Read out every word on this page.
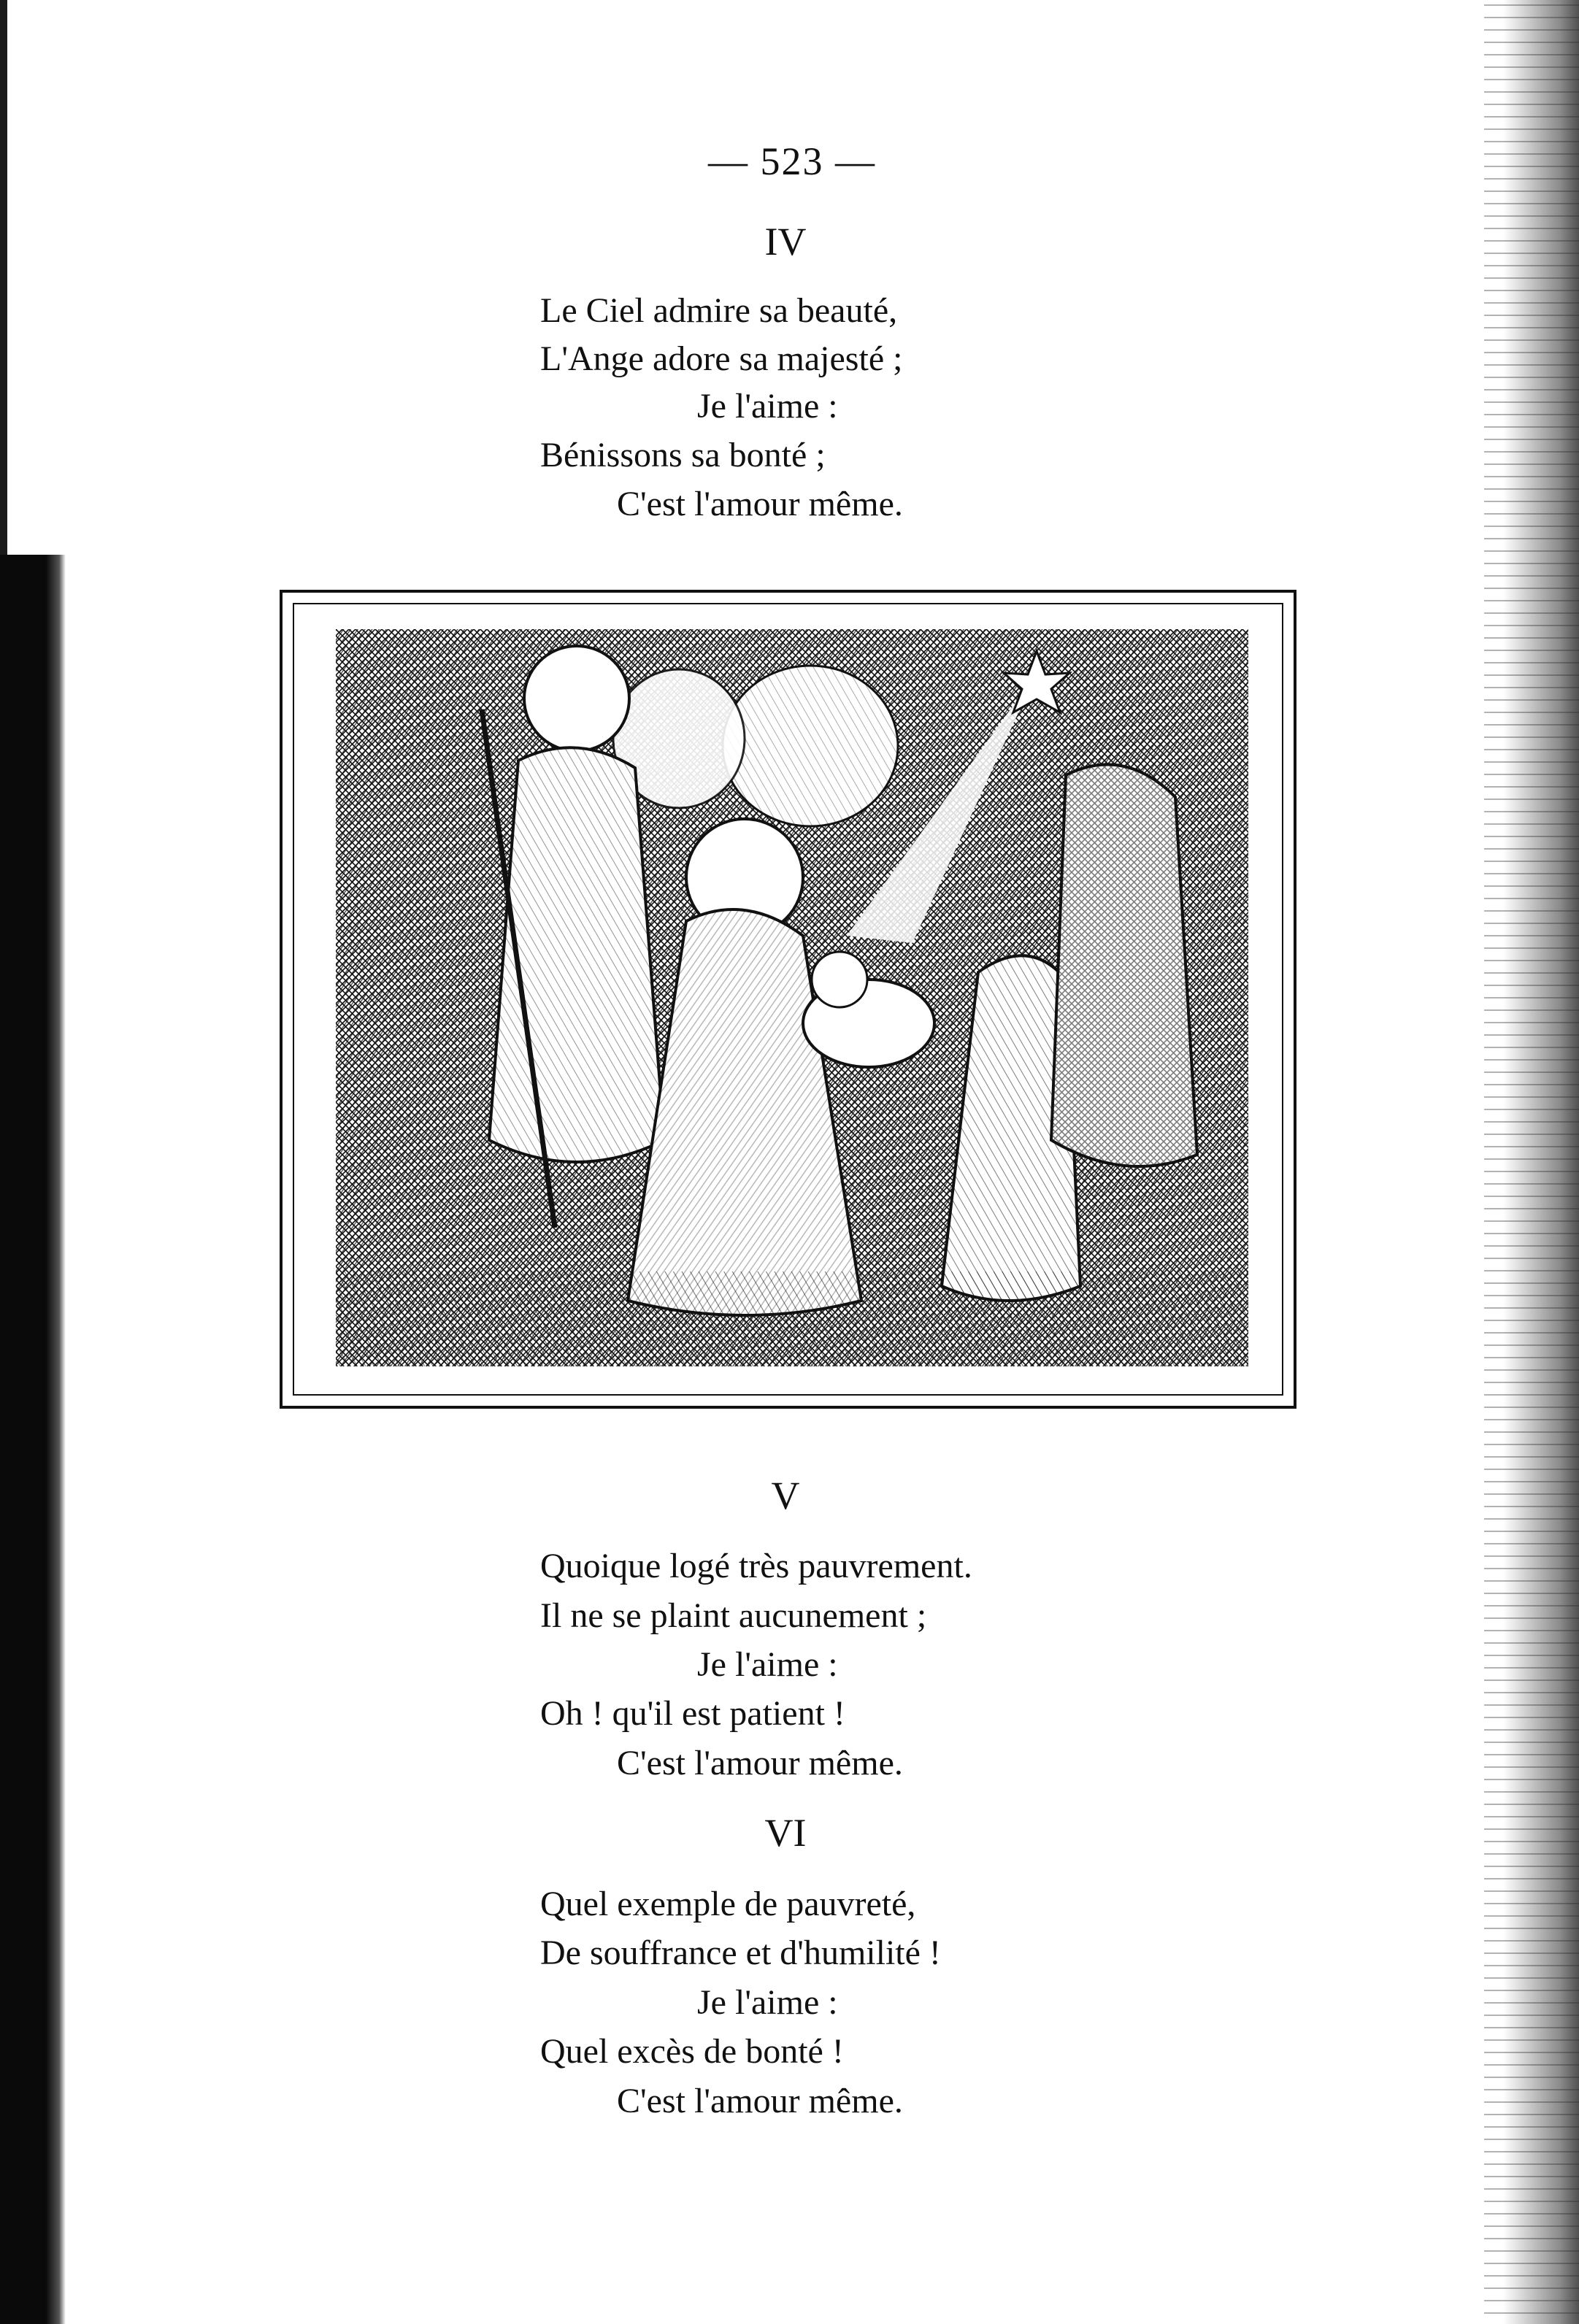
— 523 —
IV
Le Ciel admire sa beauté,
L'Ange adore sa majesté ;
Je l'aime :
Bénissons sa bonté ;
C'est l'amour même.
V
Quoique logé très pauvrement.
Il ne se plaint aucunement ;
Je l'aime :
Oh ! qu'il est patient !
C'est l'amour même.
VI
Quel exemple de pauvreté,
De souffrance et d'humilité !
Je l'aime :
Quel excès de bonté !
C'est l'amour même.
